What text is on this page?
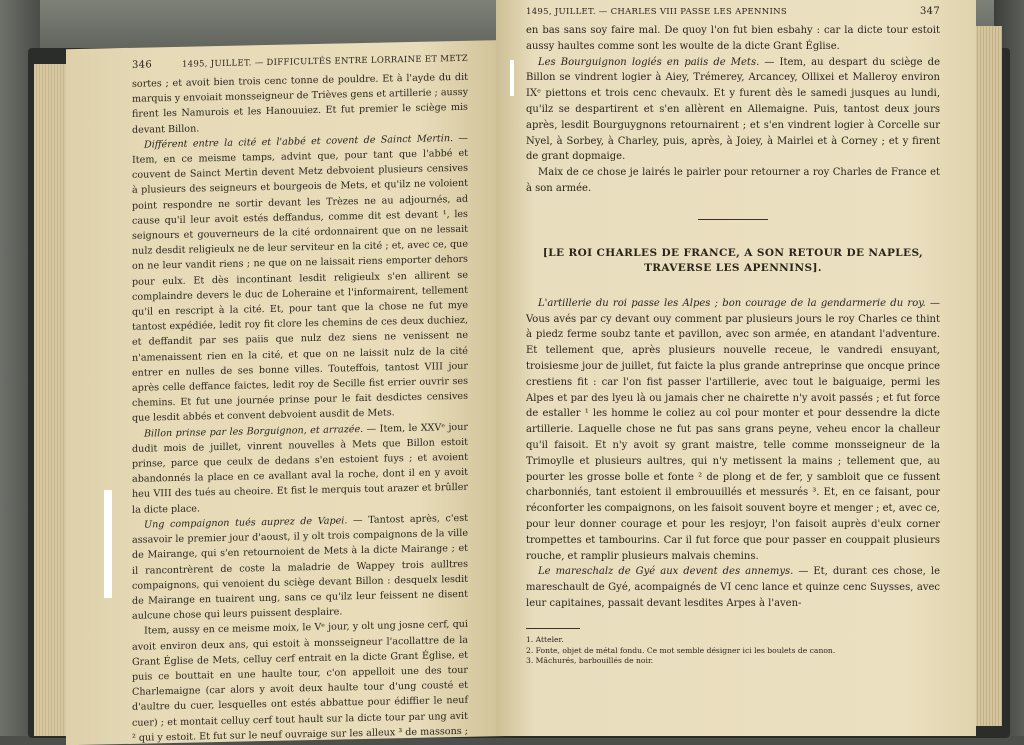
346	1495, JUILLET. — DIFFICULTÉS ENTRE LORRAINE ET METZ

sortes ; et avoit bien trois cenc tonne de pouldre. Et à l'ayde du dit marquis y envoiait monsseigneur de Trièves gens et artillerie ; aussy firent les Namurois et les Hanouuiez. Et fut premier le sciège mis devant Billon.

Différent entre la cité et l'abbé et covent de Sainct Mertin. — Item, en ce meisme tamps, advint que, pour tant que l'abbé et couvent de Sainct Mertin devent Metz debvoient plusieurs censives à plusieurs des seigneurs et bourgeois de Mets, et qu'ilz ne voloient point respondre ne sortir devant les Trèzes ne au adjournés, ad cause qu'il leur avoit estés deffandus, comme dit est devant ¹, les seignours et gouverneurs de la cité ordonnairent que on ne lessait nulz desdit religieulx ne de leur serviteur en la cité ; et, avec ce, que on ne leur vandit riens ; ne que on ne laissait riens emporter dehors pour eulx. Et dès incontinant lesdit religieulx s'en allirent se complaindre devers le duc de Loheraine et l'informairent, tellement qu'il en rescript à la cité. Et, pour tant que la chose ne fut mye tantost expédiée, ledit roy fit clore les chemins de ces deux duchiez, et deffandit par ses paiis que nulz dez siens ne venissent ne n'amenaissent rien en la cité, et que on ne laissit nulz de la cité entrer en nulles de ses bonne villes. Touteffois, tantost VIII jour après celle deffance faictes, ledit roy de Secille fist errier ouvrir ses chemins. Et fut une journée prinse pour le fait desdictes censives que lesdit abbés et convent debvoient ausdit de Mets.

Billon prinse par les Borguignon, et arrazée. — Item, le XXVᵉ jour dudit mois de juillet, vinrent nouvelles à Mets que Billon estoit prinse, parce que ceulx de dedans s'en estoient fuys ; et avoient abandonnés la place en ce avallant aval la roche, dont il en y avoit heu VIII des tués au cheoire. Et fist le merquis tout arazer et brûller la dicte place.

Ung compaignon tués auprez de Vapei. — Tantost après, c'est assavoir le premier jour d'aoust, il y olt trois compaignons de la ville de Mairange, qui s'en retournoient de Mets à la dicte Mairange ; et il rancontrèrent de coste la maladrie de Wappey trois aulltres compaignons, qui venoient du sciège devant Billon : desquelx lesdit de Mairange en tuairent ung, sans ce qu'ilz leur feissent ne disent aulcune chose qui leurs puissent desplaire.

Item, aussy en ce meisme moix, le Vᵉ jour, y olt ung josne cerf, qui avoit environ deux ans, qui estoit à monsseigneur l'acollattre de la Grant Église de Mets, celluy cerf entrait en la dicte Grant Église, et puis ce bouttait en une haulte tour, c'on appelloit une des tour Charlemaigne (car alors y avoit deux haulte tour d'ung cousté et d'aultre du cuer, lesquelles ont estés abbattue pour édiffier le neuf cuer) ; et montait celluy cerf tout hault sur la dicte tour par ung avit ² qui y estoit. Et fut sur le neuf ouvraige sur les alleux ³ de massons ;

1495, JUILLET. — CHARLES VIII PASSE LES APENNINS	347

en bas sans soy faire mal. De quoy l'on fut bien esbahy : car la dicte tour estoit aussy haultes comme sont les woulte de la dicte Grant Église.

Les Bourguignon logiés en paiis de Mets. — Item, au despart du sciège de Billon se vindrent logier à Aiey, Trémerey, Arcancey, Ollixei et Malleroy environ IXᵉ piettons et trois cenc chevaulx. Et y furent dès le samedi jusques au lundi, qu'ilz se despartirent et s'en allèrent en Allemaigne. Puis, tantost deux jours après, lesdit Bourguygnons retournairent ; et s'en vindrent logier à Corcelle sur Nyel, à Sorbey, à Charley, puis, après, à Joiey, à Mairlei et à Corney ; et y firent de grant dopmaige.

Maix de ce chose je lairés le pairler pour retourner a roy Charles de France et à son armée.

[LE ROI CHARLES DE FRANCE, A SON RETOUR DE NAPLES,
TRAVERSE LES APENNINS].

L'artillerie du roi passe les Alpes ; bon courage de la gendarmerie du roy. — Vous avés par cy devant ouy comment par plusieurs jours le roy Charles ce thint à piedz ferme soubz tante et pavillon, avec son armée, en atandant l'adventure. Et tellement que, après plusieurs nouvelle receue, le vandredi ensuyant, troisiesme jour de juillet, fut faicte la plus grande antreprinse que oncque prince crestiens fit : car l'on fist passer l'artillerie, avec tout le baiguaige, permi les Alpes et par des lyeu là ou jamais cher ne chairette n'y avoit passés ; et fut force de estaller ¹ les homme le coliez au col pour monter et pour dessendre la dicte artillerie. Laquelle chose ne fut pas sans grans peyne, veheu encor la challeur qu'il faisoit. Et n'y avoit sy grant maistre, telle comme monsseigneur de la Trimoylle et plusieurs aultres, qui n'y metissent la mains ; tellement que, au pourter les grosse bolle et fonte ² de plong et de fer, y sambloit que ce fussent charbonniés, tant estoient il embrouuillés et messurés ³. Et, en ce faisant, pour réconforter les compaignons, on les faisoit souvent boyre et menger ; et, avec ce, pour leur donner courage et pour les resjoyr, l'on faisoit auprès d'eulx corner trompettes et tambourins. Car il fut force que pour passer en couppait plusieurs rouche, et ramplir plusieurs malvais chemins.

Le mareschalz de Gyé aux devent des annemys. — Et, durant ces chose, le mareschault de Gyé, acompaignés de VI cenc lance et quinze cenc Suysses, avec leur capitaines, passait devant lesdites Arpes à l'aven-

1. Atteler.
2. Fonte, objet de métal fondu. Ce mot semble désigner ici les boulets de canon.
3. Mâchurés, barbouillés de noir.
